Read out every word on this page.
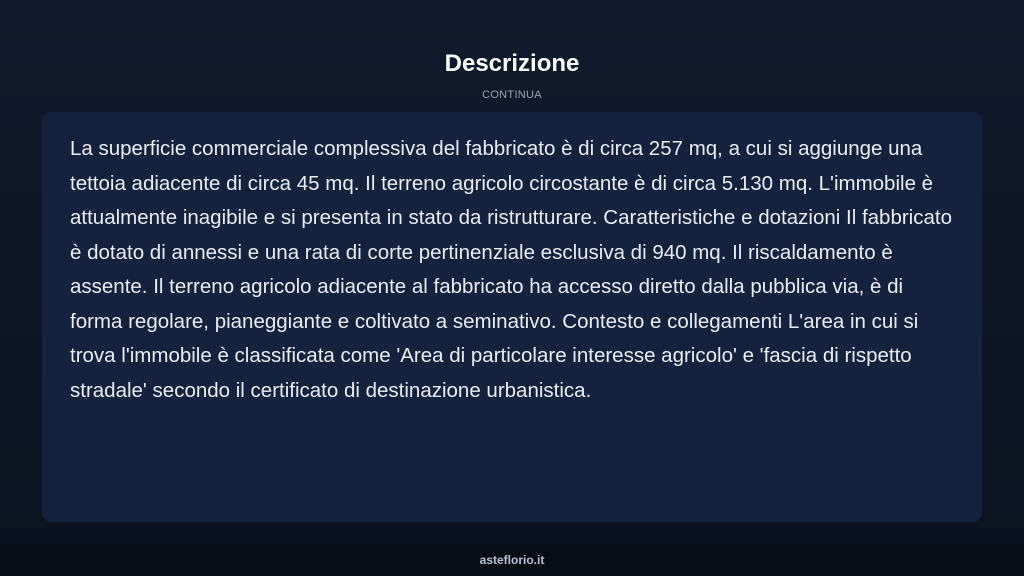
Descrizione
CONTINUA

La superficie commerciale complessiva del fabbricato è di circa 257 mq, a cui si aggiunge una tettoia adiacente di circa 45 mq. Il terreno agricolo circostante è di circa 5.130 mq. L'immobile è attualmente inagibile e si presenta in stato da ristrutturare. Caratteristiche e dotazioni Il fabbricato è dotato di annessi e una rata di corte pertinenziale esclusiva di 940 mq. Il riscaldamento è assente. Il terreno agricolo adiacente al fabbricato ha accesso diretto dalla pubblica via, è di forma regolare, pianeggiante e coltivato a seminativo. Contesto e collegamenti L'area in cui si trova l'immobile è classificata come 'Area di particolare interesse agricolo' e 'fascia di rispetto stradale' secondo il certificato di destinazione urbanistica.

asteflorio.it
